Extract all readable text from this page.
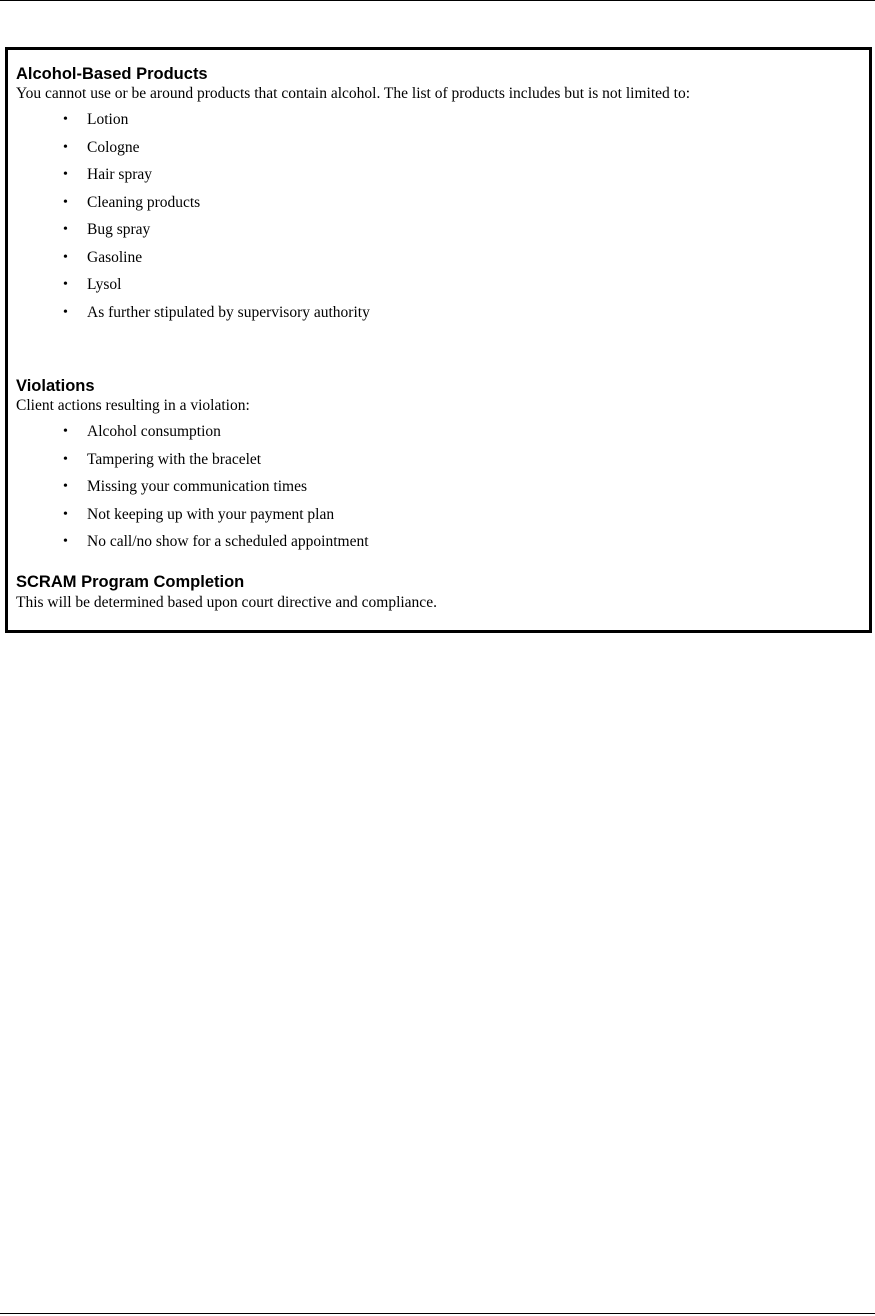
Alcohol-Based Products

You cannot use or be around products that contain alcohol. The list of products includes but is not limited to:

• Lotion
• Cologne
• Hair spray
• Cleaning products
• Bug spray
• Gasoline
• Lysol
• As further stipulated by supervisory authority

Violations

Client actions resulting in a violation:

• Alcohol consumption
• Tampering with the bracelet
• Missing your communication times
• Not keeping up with your payment plan
• No call/no show for a scheduled appointment

SCRAM Program Completion

This will be determined based upon court directive and compliance.
